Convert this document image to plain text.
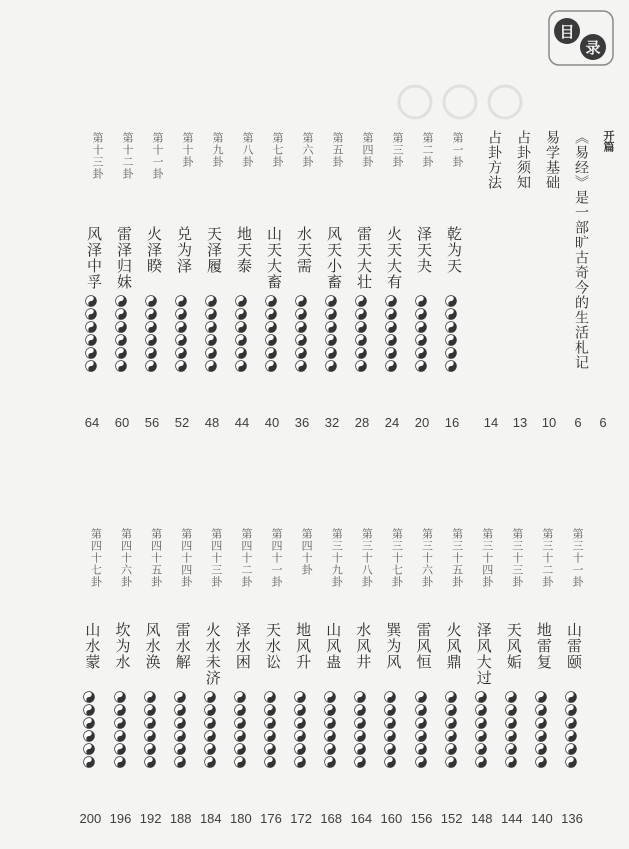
目
录
开篇
6
《易经》是一部旷古奇今的生活札记
6
易学基础
10
占卦须知
13
占卦方法
14
第一卦
乾为天
16
第二卦
泽天夬
20
第三卦
火天大有
24
第四卦
雷天大壮
28
第五卦
风天小畜
32
第六卦
水天需
36
第七卦
山天大畜
40
第八卦
地天泰
44
第九卦
天泽履
48
第十卦
兑为泽
52
第十一卦
火泽睽
56
第十二卦
雷泽归妹
60
第十三卦
风泽中孚
64
第三十一卦
山雷颐
136
第三十二卦
地雷复
140
第三十三卦
天风姤
144
第三十四卦
泽风大过
148
第三十五卦
火风鼎
152
第三十六卦
雷风恒
156
第三十七卦
巽为风
160
第三十八卦
水风井
164
第三十九卦
山风蛊
168
第四十卦
地风升
172
第四十一卦
天水讼
176
第四十二卦
泽水困
180
第四十三卦
火水未济
184
第四十四卦
雷水解
188
第四十五卦
风水涣
192
第四十六卦
坎为水
196
第四十七卦
山水蒙
200
